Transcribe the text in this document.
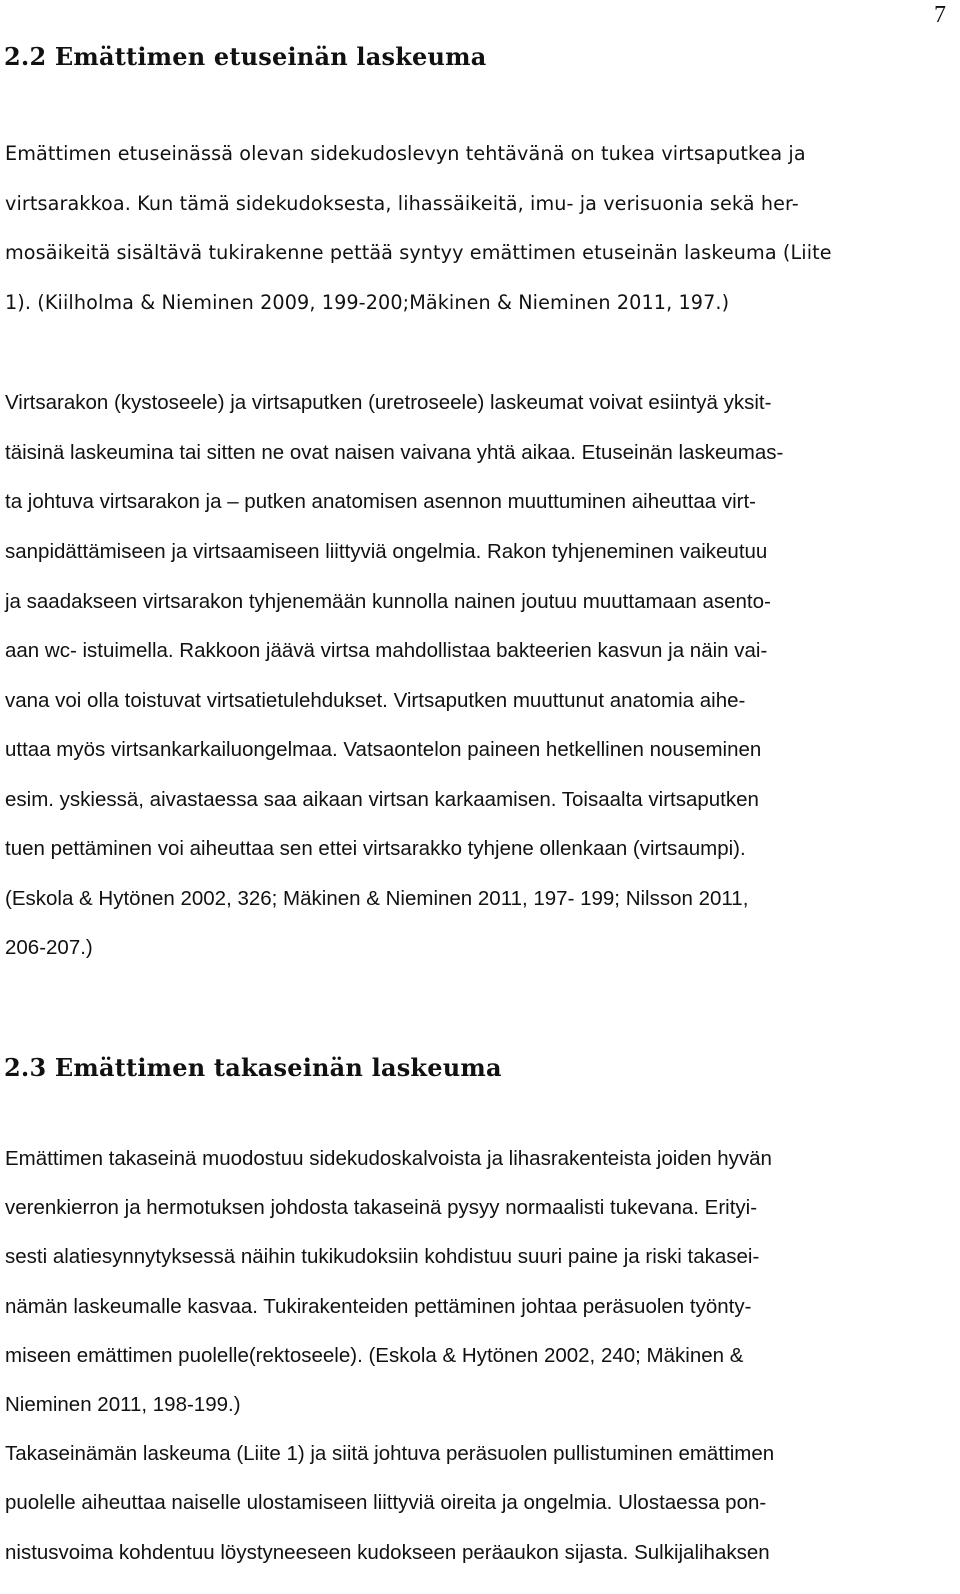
7
2.2 Emättimen etuseinän laskeuma
Emättimen etuseinässä olevan sidekudoslevyn tehtävänä on tukea virtsaputkea ja
virtsarakkoa. Kun tämä sidekudoksesta, lihassäikeitä, imu- ja verisuonia sekä her-
mosäikeitä sisältävä tukirakenne pettää syntyy emättimen etuseinän laskeuma (Liite
1). (Kiilholma & Nieminen 2009, 199-200;Mäkinen & Nieminen 2011, 197.)
Virtsarakon (kystoseele) ja virtsaputken (uretroseele) laskeumat voivat esiintyä yksit-
täisinä laskeumina tai sitten ne ovat naisen vaivana yhtä aikaa. Etuseinän laskeumas-
ta johtuva virtsarakon ja – putken anatomisen asennon muuttuminen aiheuttaa virt-
sanpidättämiseen ja virtsaamiseen liittyviä ongelmia. Rakon tyhjeneminen vaikeutuu
ja saadakseen virtsarakon tyhjenemään kunnolla nainen joutuu muuttamaan asento-
aan wc- istuimella. Rakkoon jäävä virtsa mahdollistaa bakteerien kasvun ja näin vai-
vana voi olla toistuvat virtsatietulehdukset. Virtsaputken muuttunut anatomia aihe-
uttaa myös virtsankarkailuongelmaa. Vatsaontelon paineen hetkellinen nouseminen
esim. yskiessä, aivastaessa saa aikaan virtsan karkaamisen. Toisaalta virtsaputken
tuen pettäminen voi aiheuttaa sen ettei virtsarakko tyhjene ollenkaan (virtsaumpi).
(Eskola & Hytönen 2002, 326; Mäkinen & Nieminen 2011, 197- 199; Nilsson 2011,
206-207.)
2.3 Emättimen takaseinän laskeuma
Emättimen takaseinä muodostuu sidekudoskalvoista ja lihasrakenteista joiden hyvän
verenkierron ja hermotuksen johdosta takaseinä pysyy normaalisti tukevana. Erityi-
sesti alatiesynnytyksessä näihin tukikudoksiin kohdistuu suuri paine ja riski takasei-
nämän laskeumalle kasvaa. Tukirakenteiden pettäminen johtaa peräsuolen työnty-
miseen emättimen puolelle(rektoseele). (Eskola & Hytönen 2002, 240; Mäkinen &
Nieminen 2011, 198-199.)
Takaseinämän laskeuma (Liite 1) ja siitä johtuva peräsuolen pullistuminen emättimen
puolelle aiheuttaa naiselle ulostamiseen liittyviä oireita ja ongelmia. Ulostaessa pon-
nistusvoima kohdentuu löystyneeseen kudokseen peräaukon sijasta. Sulkijalihaksen
